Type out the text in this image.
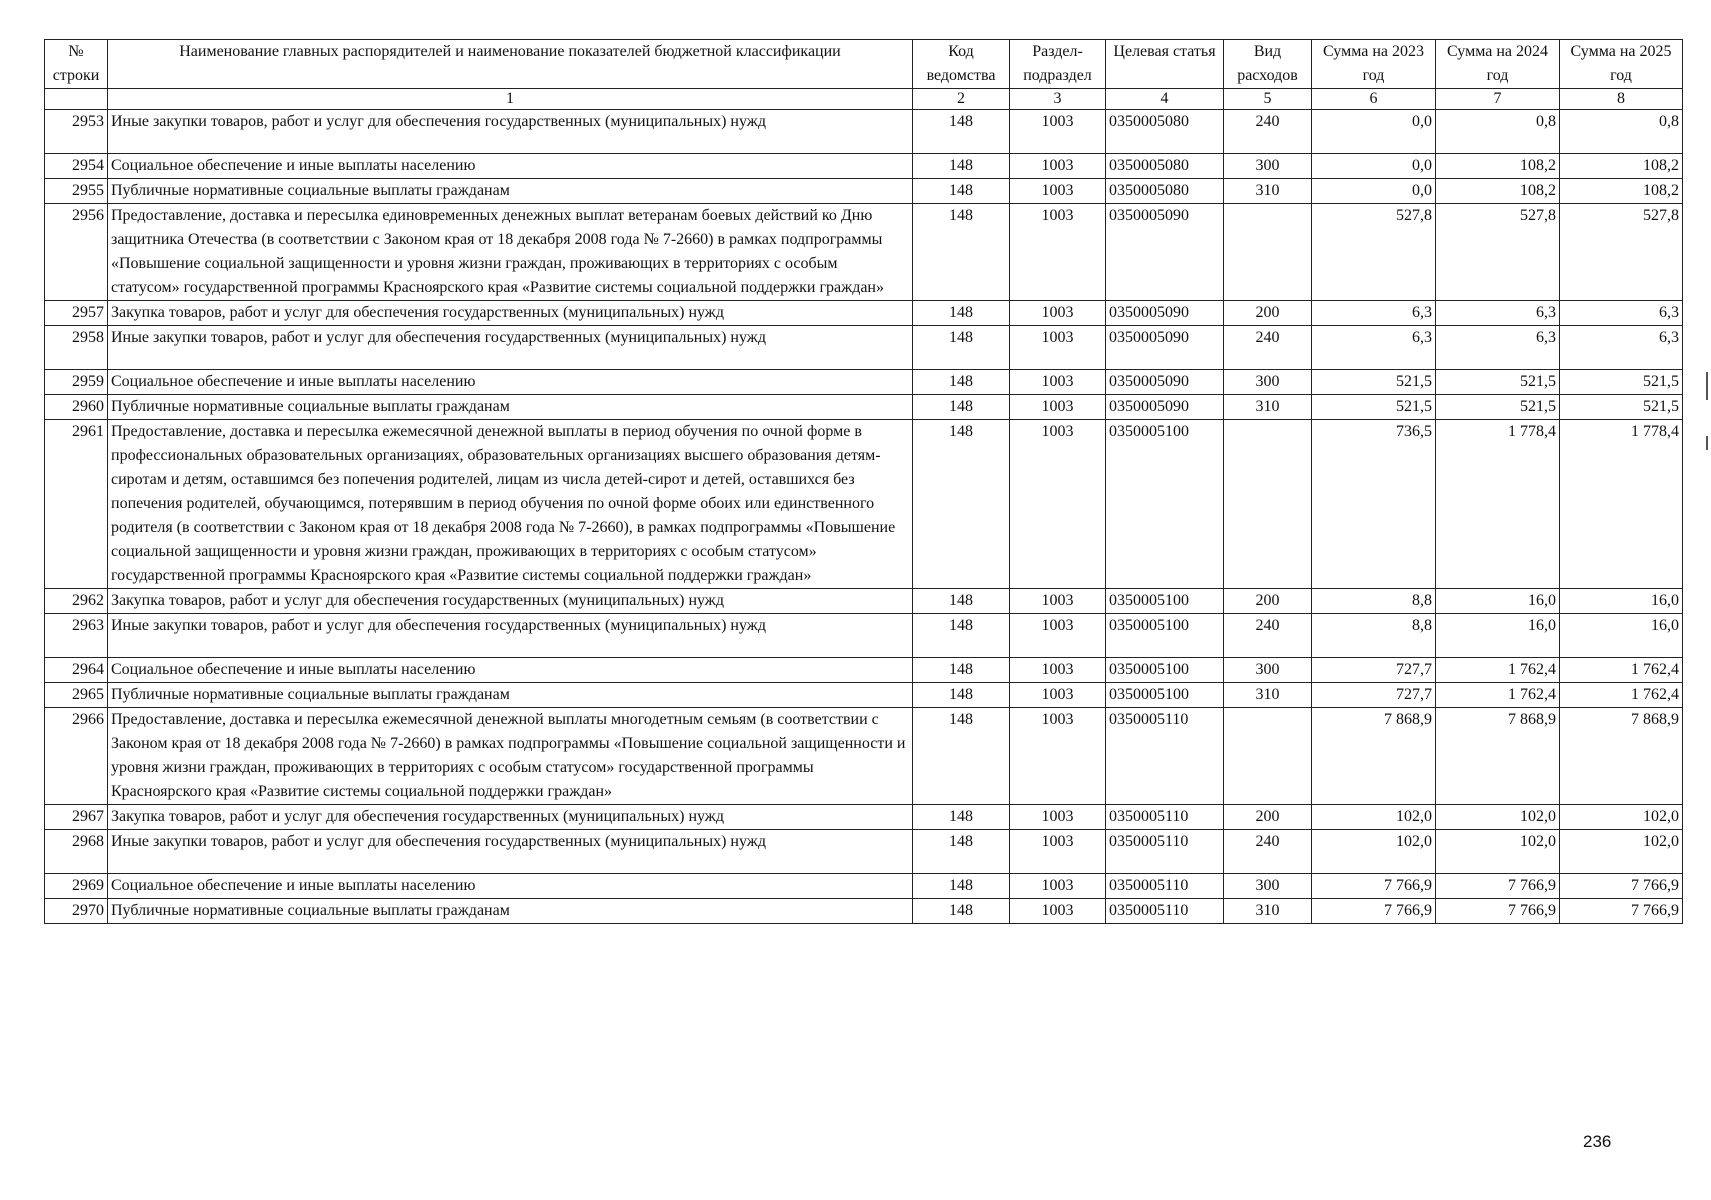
№ строки	Наименование главных распорядителей и наименование показателей бюджетной классификации	Код ведомства	Раздел-подраздел	Целевая статья	Вид расходов	Сумма на 2023 год	Сумма на 2024 год	Сумма на 2025 год
	1	2	3	4	5	6	7	8
2953	Иные закупки товаров, работ и услуг для обеспечения государственных (муниципальных) нужд	148	1003	0350005080	240	0,0	0,8	0,8
2954	Социальное обеспечение и иные выплаты населению	148	1003	0350005080	300	0,0	108,2	108,2
2955	Публичные нормативные социальные выплаты гражданам	148	1003	0350005080	310	0,0	108,2	108,2
2956	Предоставление, доставка и пересылка единовременных денежных выплат ветеранам боевых действий ко Дню защитника Отечества (в соответствии с Законом края от 18 декабря 2008 года № 7-2660) в рамках подпрограммы «Повышение социальной защищенности и уровня жизни граждан, проживающих в территориях с особым статусом» государственной программы Красноярского края «Развитие системы социальной поддержки граждан»	148	1003	0350005090		527,8	527,8	527,8
2957	Закупка товаров, работ и услуг для обеспечения государственных (муниципальных) нужд	148	1003	0350005090	200	6,3	6,3	6,3
2958	Иные закупки товаров, работ и услуг для обеспечения государственных (муниципальных) нужд	148	1003	0350005090	240	6,3	6,3	6,3
2959	Социальное обеспечение и иные выплаты населению	148	1003	0350005090	300	521,5	521,5	521,5
2960	Публичные нормативные социальные выплаты гражданам	148	1003	0350005090	310	521,5	521,5	521,5
2961	Предоставление, доставка и пересылка ежемесячной денежной выплаты в период обучения по очной форме в профессиональных образовательных организациях, образовательных организациях высшего образования детям-сиротам и детям, оставшимся без попечения родителей, лицам из числа детей-сирот и детей, оставшихся без попечения родителей, обучающимся, потерявшим в период обучения по очной форме обоих или единственного родителя (в соответствии с Законом края от 18 декабря 2008 года № 7-2660), в рамках подпрограммы «Повышение социальной защищенности и уровня жизни граждан, проживающих в территориях с особым статусом» государственной программы Красноярского края «Развитие системы социальной поддержки граждан»	148	1003	0350005100		736,5	1 778,4	1 778,4
2962	Закупка товаров, работ и услуг для обеспечения государственных (муниципальных) нужд	148	1003	0350005100	200	8,8	16,0	16,0
2963	Иные закупки товаров, работ и услуг для обеспечения государственных (муниципальных) нужд	148	1003	0350005100	240	8,8	16,0	16,0
2964	Социальное обеспечение и иные выплаты населению	148	1003	0350005100	300	727,7	1 762,4	1 762,4
2965	Публичные нормативные социальные выплаты гражданам	148	1003	0350005100	310	727,7	1 762,4	1 762,4
2966	Предоставление, доставка и пересылка ежемесячной денежной выплаты многодетным семьям (в соответствии с Законом края от 18 декабря 2008 года № 7-2660) в рамках подпрограммы «Повышение социальной защищенности и уровня жизни граждан, проживающих в территориях с особым статусом» государственной программы Красноярского края «Развитие системы социальной поддержки граждан»	148	1003	0350005110		7 868,9	7 868,9	7 868,9
2967	Закупка товаров, работ и услуг для обеспечения государственных (муниципальных) нужд	148	1003	0350005110	200	102,0	102,0	102,0
2968	Иные закупки товаров, работ и услуг для обеспечения государственных (муниципальных) нужд	148	1003	0350005110	240	102,0	102,0	102,0
2969	Социальное обеспечение и иные выплаты населению	148	1003	0350005110	300	7 766,9	7 766,9	7 766,9
2970	Публичные нормативные социальные выплаты гражданам	148	1003	0350005110	310	7 766,9	7 766,9	7 766,9
236
